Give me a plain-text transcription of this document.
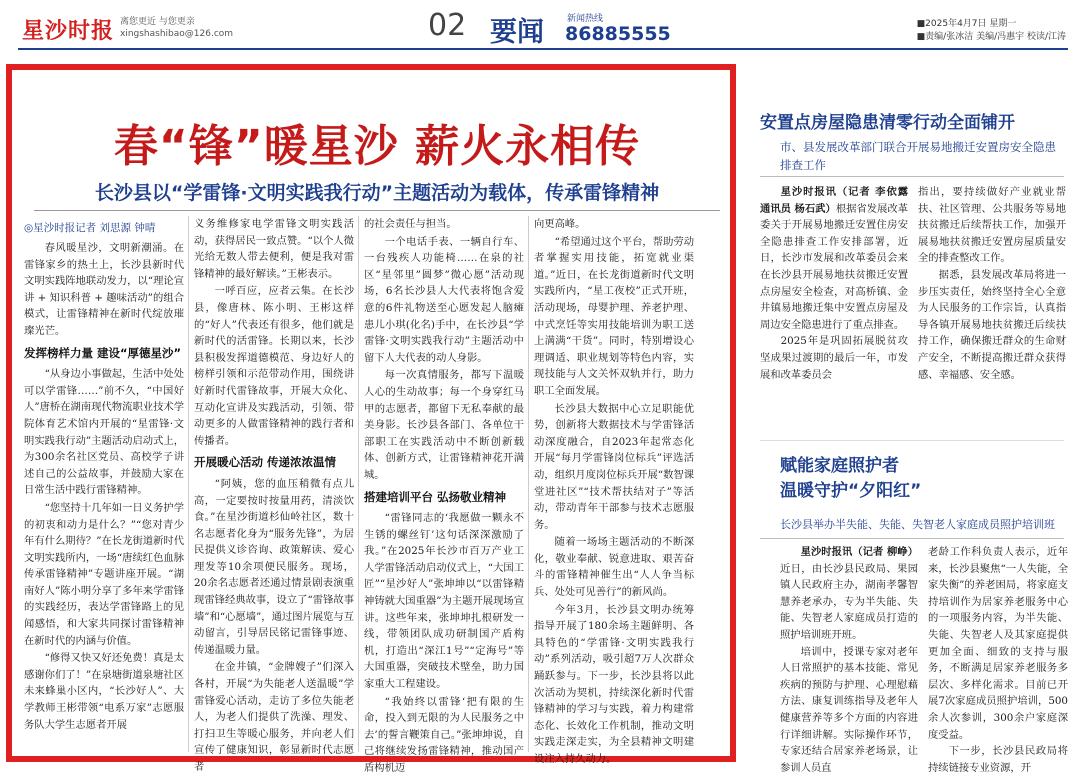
星沙时报 离您更近 与您更亲
xingshashibao@126.com	02 要闻	新闻热线
86885555	■2025年4月7日 星期一
■责编/张冰洁 美编/冯惠宇 校读/江涛
春“锋”暖星沙 薪火永相传
长沙县以“学雷锋·文明实践我行动”主题活动为载体，传承雷锋精神
◎星沙时报记者 刘思源 钟晴

春风暖星沙，文明新潮涌。在雷锋家乡的热土上，长沙县新时代文明实践阵地联动发力，以“理论宣讲 + 知识科普 + 趣味活动”的组合模式，让雷锋精神在新时代绽放璀璨光芒。

发挥榜样力量 建设“厚德星沙”

“从身边小事做起，生活中处处可以学雷锋……”前不久，“中国好人”唐桥在湖南现代物流职业技术学院体育艺术馆内开展的“星雷锋·文明实践我行动”主题活动启动式上，为300余名社区党员、高校学子讲述自己的公益故事，并鼓励大家在日常生活中践行雷锋精神。

“您坚持十几年如一日义务护学的初衷和动力是什么？”“您对青少年有什么期待？”在长龙街道新时代文明实践所内，一场“唐续红色血脉 传承雷锋精神”专题讲座开展。“湖南好人”陈小明分享了多年来学雷锋的实践经历，表达学雷锋路上的见闻感悟，和大家共同探讨雷锋精神在新时代的内涵与价值。

“修得又快又好还免费！真是太感谢你们了！”在泉塘街道泉塘社区未来蜂巢小区内，“长沙好人”、大学教师王彬带领“电系万家”志愿服务队大学生志愿者开展

义务维修家电学雷锋文明实践活动，获得居民一致点赞。“以个人微光给无数人带去便利，便是我对雷锋精神的最好解读。”王彬表示。

一呼百应，应者云集。在长沙县，像唐林、陈小明、王彬这样的“好人”代表还有很多，他们就是新时代的活雷锋。长期以来，长沙县积极发挥道德模范、身边好人的榜样引领和示范带动作用，围绕讲好新时代雷锋故事，开展大众化、互动化宣讲及实践活动，引领、带动更多的人做雷锋精神的践行者和传播者。

开展暖心活动 传递浓浓温情

“阿姨，您的血压稍微有点儿高，一定要按时按量用药，清淡饮食。”在星沙街道杉仙岭社区，数十名志愿者化身为“服务先锋”，为居民提供义诊咨询、政策解读、爱心理发等10余项便民服务。现场，20余名志愿者还通过情景剧表演重现雷锋经典故事，设立了“雷锋故事墙”和“心愿墙”，通过图片展览与互动留言，引导居民铭记雷锋事迹、传递温暖力量。

在金井镇，“金牌嫂子”们深入各村，开展“为失能老人送温暖”学雷锋爱心活动，走访了多位失能老人，为老人们提供了洗澡、理发、打扫卫生等暖心服务，并向老人们宣传了健康知识，彰显新时代志愿者

的社会责任与担当。

一个电话手表、一辆自行车、一台残疾人功能椅……在泉的社区“星邻里”圆梦”微心愿”活动现场，6名长沙县人大代表将饱含爱意的6件礼物送至心愿发起人脑瘫患儿小琪(化名)手中，在长沙县“学雷锋·文明实践我行动”主题活动中留下人大代表的动人身影。

每一次真情服务，都写下温暖人心的生动故事；每一个身穿红马甲的志愿者，都留下无私奉献的最美身影。长沙县各部门、各单位干部职工在实践活动中不断创新载体、创新方式，让雷锋精神花开满城。

搭建培训平台 弘扬敬业精神

“雷锋同志的‘我愿做一颗永不生锈的螺丝钉’这句话深深激励了我。”在2025年长沙市百万产业工人学雷锋活动启动仪式上，“大国工匠”“星沙好人”张坤坤以“以雷锋精神铸就大国重器”为主题开展现场宣讲。这些年来，张坤坤扎根研发一线，带领团队成功研制国产盾构机，打造出“深江1号”“定海号”等大国重器，突破技术壁垒，助力国家重大工程建设。

“我始终以雷锋‘把有限的生命，投入到无限的为人民服务之中去’的誓言鞭策自己。”张坤坤说，自己将继续发扬雷锋精神，推动国产盾构机迈

向更高峰。

“希望通过这个平台，帮助劳动者掌握实用技能，拓宽就业渠道。”近日，在长龙街道新时代文明实践所内，“星工夜校”正式开班，活动现场，母婴护理、养老护理、中式烹饪等实用技能培训为职工送上满满“干货”。同时，特别增设心理调适、职业规划等特色内容，实现技能与人文关怀双轨并行，助力职工全面发展。

长沙县大数据中心立足职能优势，创新将大数据技术与学雷锋活动深度融合，自2023年起常态化开展“每月学雷锋岗位标兵”评选活动，组织月度岗位标兵开展“数智课堂进社区”“技术帮扶结对子”等活动，带动青年干部参与技术志愿服务。

随着一场场主题活动的不断深化，敬业奉献、锐意进取、艰苦奋斗的雷锋精神催生出“人人争当标兵、处处可见善行”的新风尚。

今年3月，长沙县文明办统筹指导开展了180余场主题鲜明、各具特色的“学雷锋·文明实践我行动”系列活动，吸引超7万人次群众踊跃参与。下一步，长沙县将以此次活动为契机，持续深化新时代雷锋精神的学习与实践，着力构建常态化、长效化工作机制，推动文明实践走深走实，为全县精神文明建设注入持久动力。

安置点房屋隐患清零行动全面铺开
市、县发展改革部门联合开展易地搬迁安置房安全隐患排查工作

星沙时报讯（记者 李依露 通讯员 杨石武）根据省发展改革委关于开展易地搬迁安置住房安全隐患排查工作安排部署，近日，长沙市发展和改革委员会来在长沙县开展易地扶贫搬迁安置点房屋安全检查，对高桥镇、金井镇易地搬迁集中安置点房屋及周边安全隐患进行了重点排查。

2025年是巩固拓展脱贫攻坚成果过渡期的最后一年，市发展和改革委员会

指出，要持续做好产业就业帮扶、社区管理、公共服务等易地扶贫搬迁后续帮扶工作，加强开展易地扶贫搬迁安置房屋质量安全的排查整改工作。

据悉，县发展改革局将进一步压实责任，始终坚持全心全意为人民服务的工作宗旨，认真指导各镇开展易地扶贫搬迁后续扶持工作，确保搬迁群众的生命财产安全，不断提高搬迁群众获得感、幸福感、安全感。

赋能家庭照护者
温暖守护“夕阳红”
长沙县举办半失能、失能、失智老人家庭成员照护培训班

星沙时报讯（记者 柳峥）近日，由长沙县民政局、果园镇人民政府主办，湖南孝馨智慧养老承办，专为半失能、失能、失智老人家庭成员打造的照护培训班开班。

培训中，授课专家对老年人日常照护的基本技能、常见疾病的预防与护理、心理慰藉方法、康复训练指导及老年人健康营养等多个方面的内容进行详细讲解。实际操作环节，专家还结合居家养老场景，让参训人员直

老龄工作科负责人表示，近年来，长沙县聚焦“一人失能，全家失衡”的养老困局，将家庭支持培训作为居家养老服务中心的一项服务内容，为半失能、失能、失智老人及其家庭提供更加全面、细致的支持与服务，不断满足居家养老服务多层次、多样化需求。目前已开展7次家庭成员照护培训，500余人次参训，300余户家庭深度受益。

下一步，长沙县民政局将持续链接专业资源，开
